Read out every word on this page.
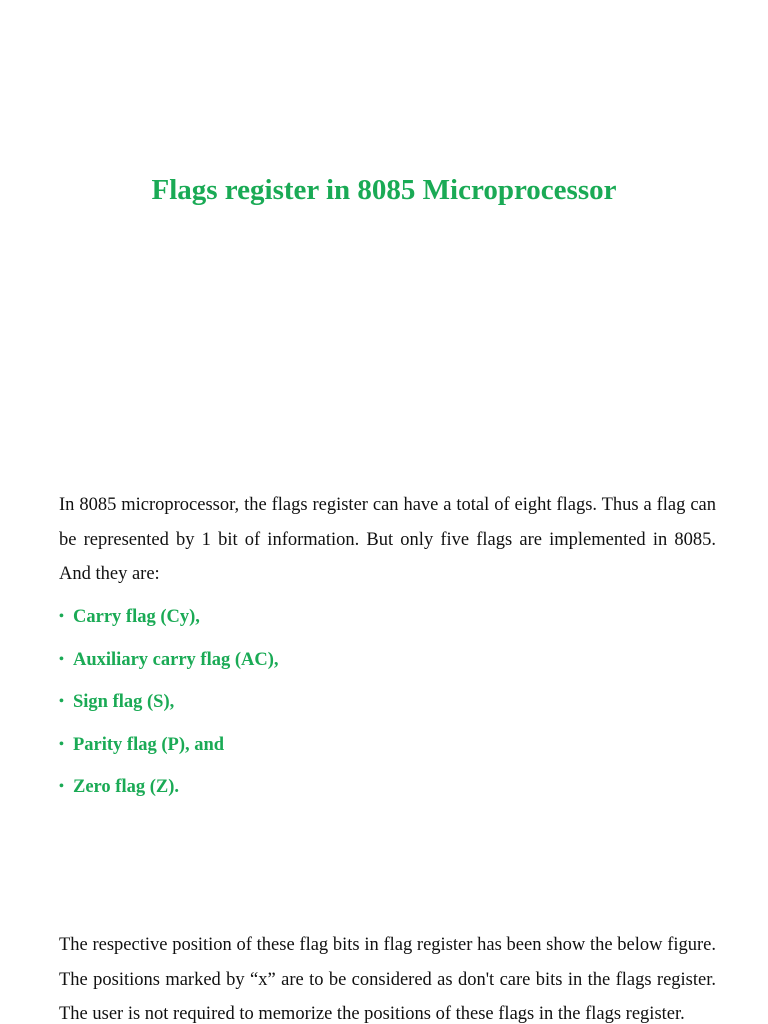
Flags register in 8085 Microprocessor

In 8085 microprocessor, the flags register can have a total of eight flags. Thus a flag can be represented by 1 bit of information. But only five flags are implemented in 8085. And they are:

• Carry flag (Cy),
• Auxiliary carry flag (AC),
• Sign flag (S),
• Parity flag (P), and
• Zero flag (Z).

The respective position of these flag bits in flag register has been show the below figure. The positions marked by “x” are to be considered as don't care bits in the flags register. The user is not required to memorize the positions of these flags in the flags register.
